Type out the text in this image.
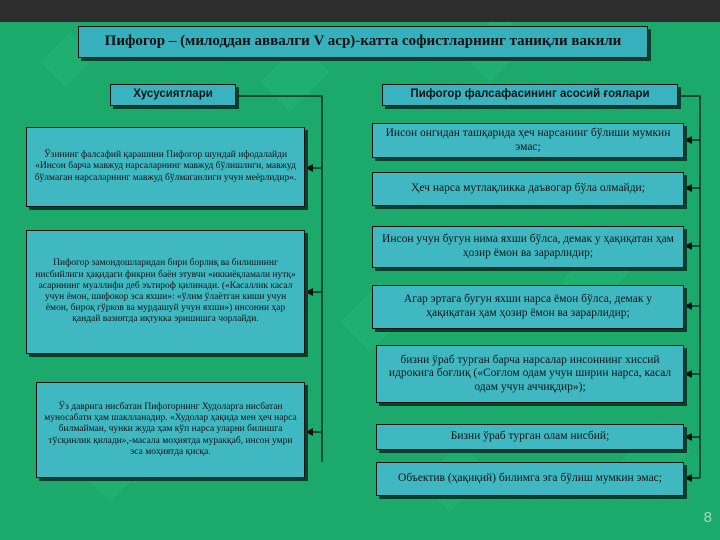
Пифогор – (милоддан аввалги V аср)-катта софистларнинг таниқли вакили
Хусусиятлари	Пифогор фалсафасининг асосий ғоялари
Ўзининг фалсафий қарашини Пифогор шундай ифодалайди «Инсон барча мавжуд нарсаларнинг мавжуд бўлишлиги, мавжуд бўлмаган нарсаларнинг мавжуд бўлмаганлиги учун меёрлидир».
Пифогор замондошларидан бири борлиқ ва билишнинг нисбийлиги ҳақидаги фикрни баён этувчи «иккиёқламали нутқ» асарининг муаллифи деб эътироф қилинади. («Касаллик касал учун ёмон, шифокор эса яхши»: «ўлим ўлаётган киши учун ёмон, бироқ гўрков ва мурдашуй учун яхши») инсонни ҳар қандай вазиятда иқтукка эришишга чорлайди.
Ўз даврига нисбатан Пифогорнинг Худоларга нисбатан муносабати ҳам шаклланадир. «Худолар ҳақида мен ҳеч нарса билмайман, чунки жуда ҳам кўп нарса уларни билишга тўсқинлик қилади»,-масала моҳиятда муракқаб, инсон умри эса моҳиятда қисқа.
Инсон онгидан ташқарида ҳеч нарсанинг бўлиши мумкин эмас;
Ҳеч нарса мутлақликка даъвогар бўла олмайди;
Инсон учун бугун нима яхши бўлса, демак у ҳақиқатан ҳам ҳозир ёмон ва зарарлидир;
Агар эртага бугун яхши нарса ёмон бўлса, демак у ҳақиқатан ҳам ҳозир ёмон ва зарарлидир;
бизни ўраб турган барча нарсалар инсоннинг хиссий идрокига боғлиқ («Соғлом одам учун ширин нарса, касал одам учун аччиқдир»);
Бизни ўраб турган олам нисбий;
Объектив (ҳақиқий) билимга эга бўлиш мумкин эмас;
8
